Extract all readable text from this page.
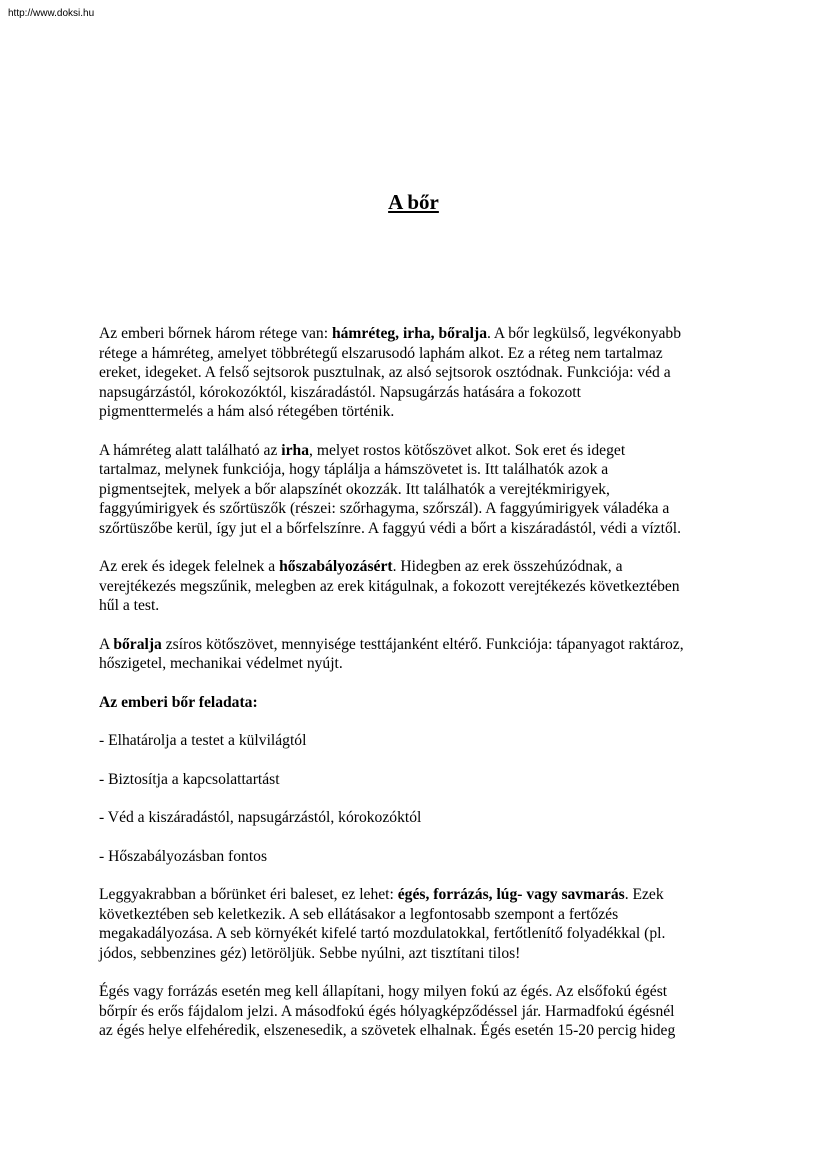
http://www.doksi.hu
A bőr

Az emberi bőrnek három rétege van: hámréteg, irha, bőralja. A bőr legkülső, legvékonyabb
rétege a hámréteg, amelyet többrétegű elszarusodó laphám alkot. Ez a réteg nem tartalmaz
ereket, idegeket. A felső sejtsorok pusztulnak, az alsó sejtsorok osztódnak. Funkciója: véd a
napsugárzástól, kórokozóktól, kiszáradástól. Napsugárzás hatására a fokozott
pigmenttermelés a hám alsó rétegében történik.

A hámréteg alatt található az irha, melyet rostos kötőszövet alkot. Sok eret és ideget
tartalmaz, melynek funkciója, hogy táplálja a hámszövetet is. Itt találhatók azok a
pigmentsejtek, melyek a bőr alapszínét okozzák. Itt találhatók a verejtékmirigyek,
faggyúmirigyek és szőrtüszők (részei: szőrhagyma, szőrszál). A faggyúmirigyek váladéka a
szőrtüszőbe kerül, így jut el a bőrfelszínre. A faggyú védi a bőrt a kiszáradástól, védi a víztől.

Az erek és idegek felelnek a hőszabályozásért. Hidegben az erek összehúzódnak, a
verejtékezés megszűnik, melegben az erek kitágulnak, a fokozott verejtékezés következtében
hűl a test.

A bőralja zsíros kötőszövet, mennyisége testtájanként eltérő. Funkciója: tápanyagot raktároz,
hőszigetel, mechanikai védelmet nyújt.

Az emberi bőr feladata:

- Elhatárolja a testet a külvilágtól

- Biztosítja a kapcsolattartást

- Véd a kiszáradástól, napsugárzástól, kórokozóktól

- Hőszabályozásban fontos

Leggyakrabban a bőrünket éri baleset, ez lehet: égés, forrázás, lúg- vagy savmarás. Ezek
következtében seb keletkezik. A seb ellátásakor a legfontosabb szempont a fertőzés
megakadályozása. A seb környékét kifelé tartó mozdulatokkal, fertőtlenítő folyadékkal (pl.
jódos, sebbenzines géz) letöröljük. Sebbe nyúlni, azt tisztítani tilos!

Égés vagy forrázás esetén meg kell állapítani, hogy milyen fokú az égés. Az elsőfokú égést
bőrpír és erős fájdalom jelzi. A másodfokú égés hólyagképződéssel jár. Harmadfokú égésnél
az égés helye elfehéredik, elszenesedik, a szövetek elhalnak. Égés esetén 15-20 percig hideg
